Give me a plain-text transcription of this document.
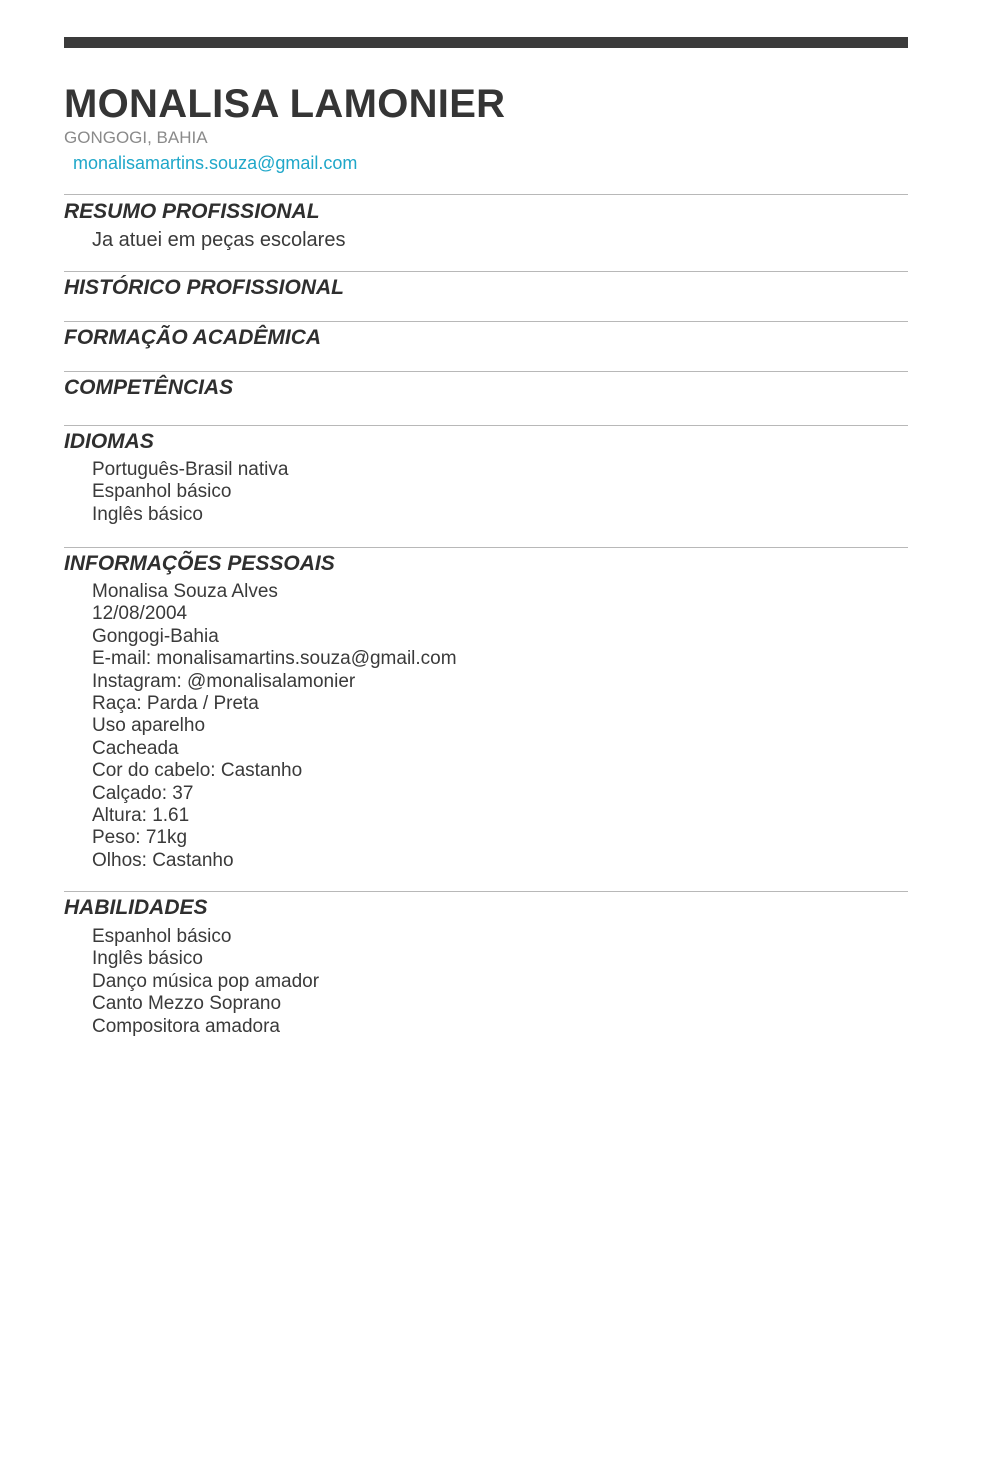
MONALISA LAMONIER
GONGOGI, BAHIA
monalisamartins.souza@gmail.com
RESUMO PROFISSIONAL
Ja atuei em peças escolares
HISTÓRICO PROFISSIONAL
FORMAÇÃO ACADÊMICA
COMPETÊNCIAS
IDIOMAS
Português-Brasil nativa
Espanhol básico
Inglês básico
INFORMAÇÕES PESSOAIS
Monalisa Souza Alves
12/08/2004
Gongogi-Bahia
E-mail: monalisamartins.souza@gmail.com
Instagram: @monalisalamonier
Raça: Parda / Preta
Uso aparelho
Cacheada
Cor do cabelo: Castanho
Calçado: 37
Altura: 1.61
Peso: 71kg
Olhos: Castanho
HABILIDADES
Espanhol básico
Inglês básico
Danço música pop amador
Canto Mezzo Soprano
Compositora amadora
